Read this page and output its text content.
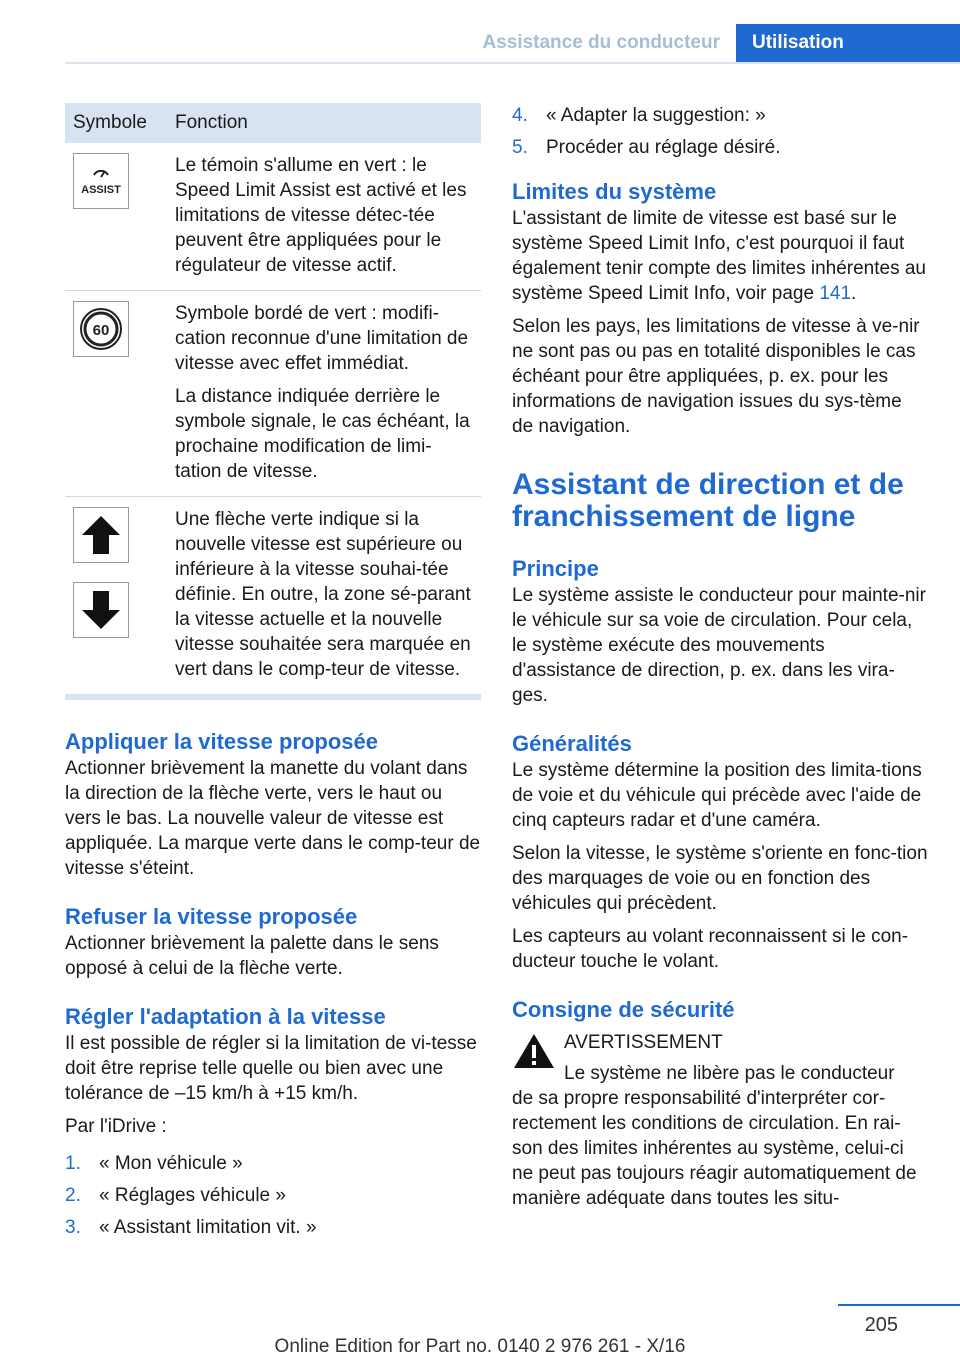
Assistance du conducteur	Utilisation
Symbole	Fonction
ASSIST

Le témoin s'allume en vert : le Speed Limit Assist est activé et les limitations de vitesse détec-tée peuvent être appliquées pour le régulateur de vitesse actif.

60

Symbole bordé de vert : modifi-cation reconnue d'une limitation de vitesse avec effet immédiat.

La distance indiquée derrière le symbole signale, le cas échéant, la prochaine modification de limi-tation de vitesse.

Une flèche verte indique si la nouvelle vitesse est supérieure ou inférieure à la vitesse souhai-tée définie. En outre, la zone sé-parant la vitesse actuelle et la nouvelle vitesse souhaitée sera marquée en vert dans le comp-teur de vitesse.

Appliquer la vitesse proposée

Actionner brièvement la manette du volant dans la direction de la flèche verte, vers le haut ou vers le bas. La nouvelle valeur de vitesse est appliquée. La marque verte dans le comp-teur de vitesse s'éteint.

Refuser la vitesse proposée

Actionner brièvement la palette dans le sens opposé à celui de la flèche verte.

Régler l'adaptation à la vitesse

Il est possible de régler si la limitation de vi-tesse doit être reprise telle quelle ou bien avec une tolérance de –15 km/h à +15 km/h.

Par l'iDrive :

1. « Mon véhicule »
2. « Réglages véhicule »
3. « Assistant limitation vit. »
4. « Adapter la suggestion: »
5. Procéder au réglage désiré.
Limites du système

L'assistant de limite de vitesse est basé sur le système Speed Limit Info, c'est pourquoi il faut également tenir compte des limites inhérentes au système Speed Limit Info, voir page 141.

Selon les pays, les limitations de vitesse à ve-nir ne sont pas ou pas en totalité disponibles le cas échéant pour être appliquées, p. ex. pour les informations de navigation issues du sys-tème de navigation.

Assistant de direction et de franchissement de ligne
Principe

Le système assiste le conducteur pour mainte-nir le véhicule sur sa voie de circulation. Pour cela, le système exécute des mouvements d'assistance de direction, p. ex. dans les vira-ges.

Généralités

Le système détermine la position des limita-tions de voie et du véhicule qui précède avec l'aide de cinq capteurs radar et d'une caméra.

Selon la vitesse, le système s'oriente en fonc-tion des marquages de voie ou en fonction des véhicules qui précèdent.

Les capteurs au volant reconnaissent si le con-ducteur touche le volant.

Consigne de sécurité
AVERTISSEMENT
Le système ne libère pas le conducteur
de sa propre responsabilité d'interpréter cor-rectement les conditions de circulation. En rai-son des limites inhérentes au système, celui-ci ne peut pas toujours réagir automatiquement de manière adéquate dans toutes les situ-
205
Online Edition for Part no. 0140 2 976 261 - X/16
